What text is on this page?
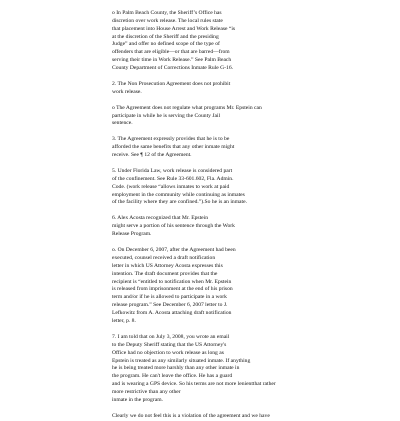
o In Palm Beach County, the Sheriff’s Office has
discretion over work release. The local rules state
that placement into House Arrest and Work Release “is
at the discretion of the Sheriff and the presiding
Judge” and offer no defined scope of the type of
offenders that are eligible—or that are barred—from
serving their time in Work Release.” See Palm Beach
County Department of Corrections Inmate Rule G-16.
2. The Non Prosecution Agreement does not prohibit
work release.
o The Agreement does not regulate what programs Mr. Epstein can
participate in while he is serving the County Jail
sentence.
3. The Agreement expressly provides that he is to be
afforded the same benefits that any other inmate might
receive. See ¶ 12 of the Agreement.
5. Under Florida Law, work release is considered part
of the confinement. See Rule 33-601.602, Fla. Admin.
Code. (work release “allows inmates to work at paid
employment in the community while continuing as inmates
of the facility where they are confined.”).So he is an inmate.
6. Alex Acosta recognized that Mr. Epstein
might serve a portion of his sentence through the Work
Release Program.
o. On December 6, 2007, after the Agreement had been
executed, counsel received a draft notification
letter in which US Attorney Acosta expresses this
intention. The draft document provides that the
recipient is “entitled to notification when Mr. Epstein
is released from imprisonment at the end of his prison
term and/or if he is allowed to participate in a work
release program.” See December 6, 2007 letter to J.
Lefkowitz from A. Acosta attaching draft notification
letter, p. 8.
7. I am told that on July 3, 2008, you wrote an email
to the Deputy Sheriff stating that the US Attorney's
Office had no objection to work release as long as
Epstein is treated as any similarly situated inmate. If anything
he is being treated more harshly than any other inmate in
the program. He can't leave the office. He has a guard
and is wearing a GPS device. So his terms are not more lenientthat rather
more restrictive than any other
inmate in the program.
Clearly we do not feel this is a violation of the agreement and we have
